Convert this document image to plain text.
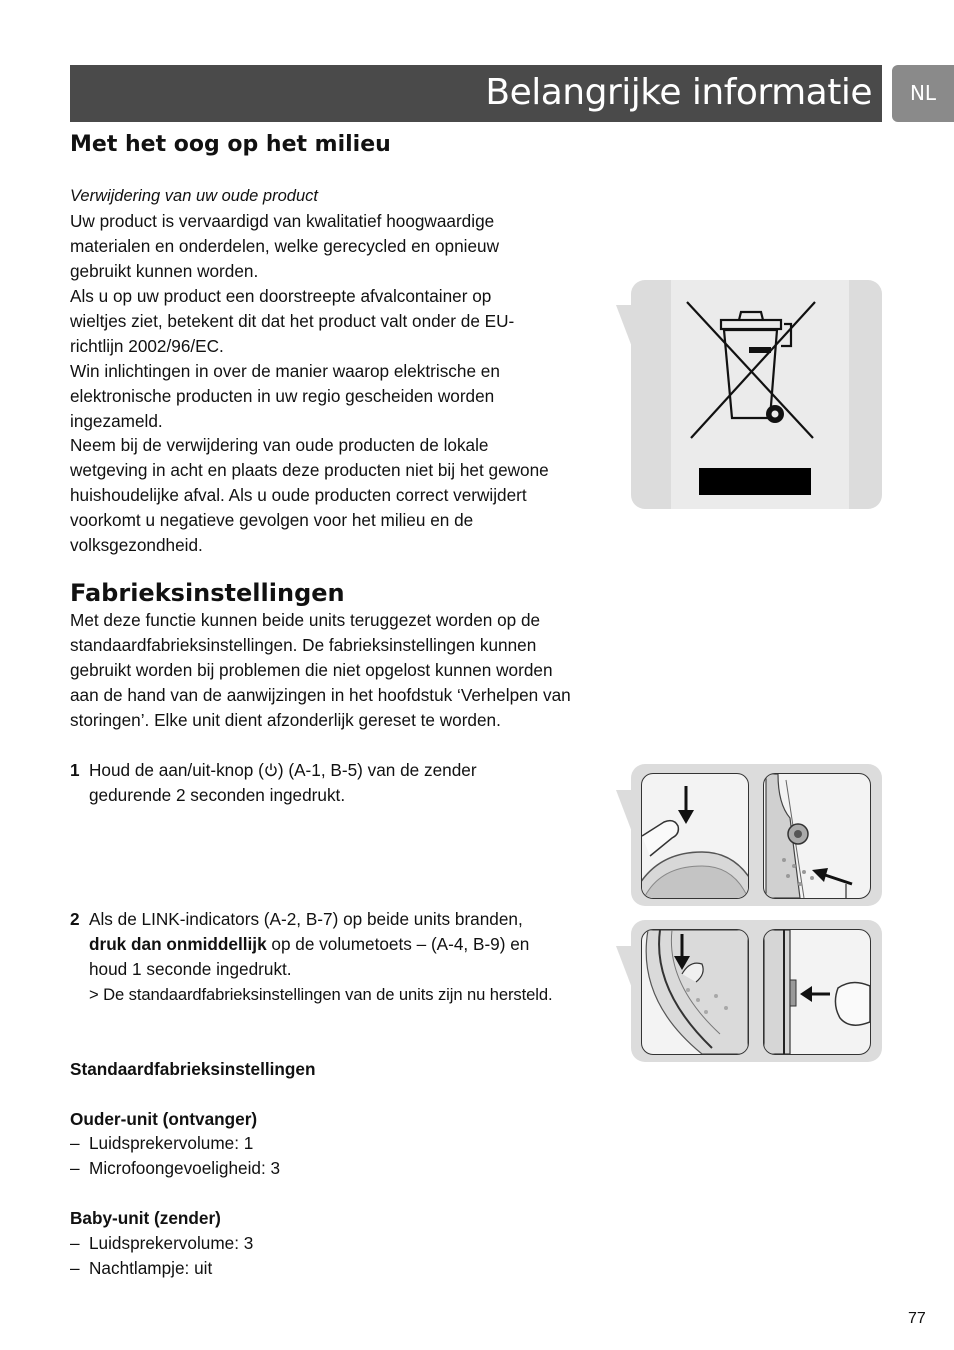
Belangrijke informatie	NL
Met het oog op het milieu
Verwijdering van uw oude product
Uw product is vervaardigd van kwalitatief hoogwaardige
materialen en onderdelen, welke gerecycled en opnieuw
gebruikt kunnen worden.
Als u op uw product een doorstreepte afvalcontainer op
wieltjes ziet, betekent dit dat het product valt onder de EU-
richtlijn 2002/96/EC.
Win inlichtingen in over de manier waarop elektrische en
elektronische producten in uw regio gescheiden worden
ingezameld.
Neem bij de verwijdering van oude producten de lokale
wetgeving in acht en plaats deze producten niet bij het gewone
huishoudelijke afval. Als u oude producten correct verwijdert
voorkomt u negatieve gevolgen voor het milieu en de
volksgezondheid.
Fabrieksinstellingen
Met deze functie kunnen beide units teruggezet worden op de
standaardfabrieksinstellingen. De fabrieksinstellingen kunnen
gebruikt worden bij problemen die niet opgelost kunnen worden
aan de hand van de aanwijzingen in het hoofdstuk ‘Verhelpen van
storingen’. Elke unit dient afzonderlijk gereset te worden.
1 Houd de aan/uit-knop ( ) (A-1, B-5) van de zender
gedurende 2 seconden ingedrukt.
2 Als de LINK-indicators (A-2, B-7) op beide units branden,
druk dan onmiddellijk op de volumetoets – (A-4, B-9) en
houd 1 seconde ingedrukt.
> De standaardfabrieksinstellingen van de units zijn nu hersteld.
Standaardfabrieksinstellingen
Ouder-unit (ontvanger)
– Luidsprekervolume: 1
– Microfoongevoeligheid: 3
Baby-unit (zender)
– Luidsprekervolume: 3
– Nachtlampje: uit
77
